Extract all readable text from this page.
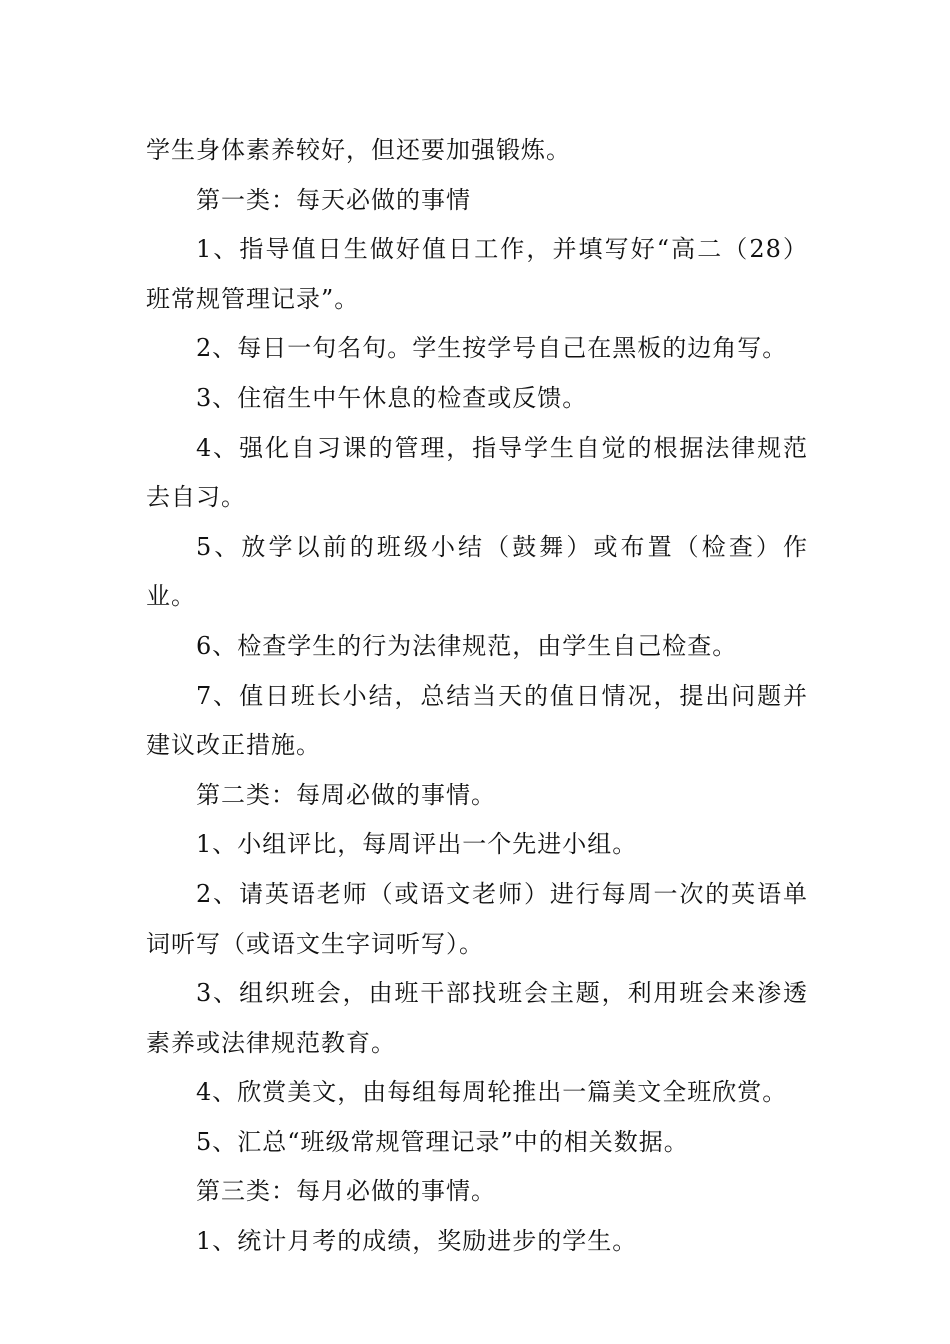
学生身体素养较好，但还要加强锻炼。

第一类：每天必做的事情

1、指导值日生做好值日工作，并填写好“高二（28）班常规管理记录”。

2、每日一句名句。学生按学号自己在黑板的边角写。

3、住宿生中午休息的检查或反馈。

4、强化自习课的管理，指导学生自觉的根据法律规范去自习。

5、放学以前的班级小结（鼓舞）或布置（检查）作业。

6、检查学生的行为法律规范，由学生自己检查。

7、值日班长小结，总结当天的值日情况，提出问题并建议改正措施。

第二类：每周必做的事情。

1、小组评比，每周评出一个先进小组。

2、请英语老师（或语文老师）进行每周一次的英语单词听写（或语文生字词听写）。

3、组织班会，由班干部找班会主题，利用班会来渗透素养或法律规范教育。

4、欣赏美文，由每组每周轮推出一篇美文全班欣赏。

5、汇总“班级常规管理记录”中的相关数据。

第三类：每月必做的事情。

1、统计月考的成绩，奖励进步的学生。
